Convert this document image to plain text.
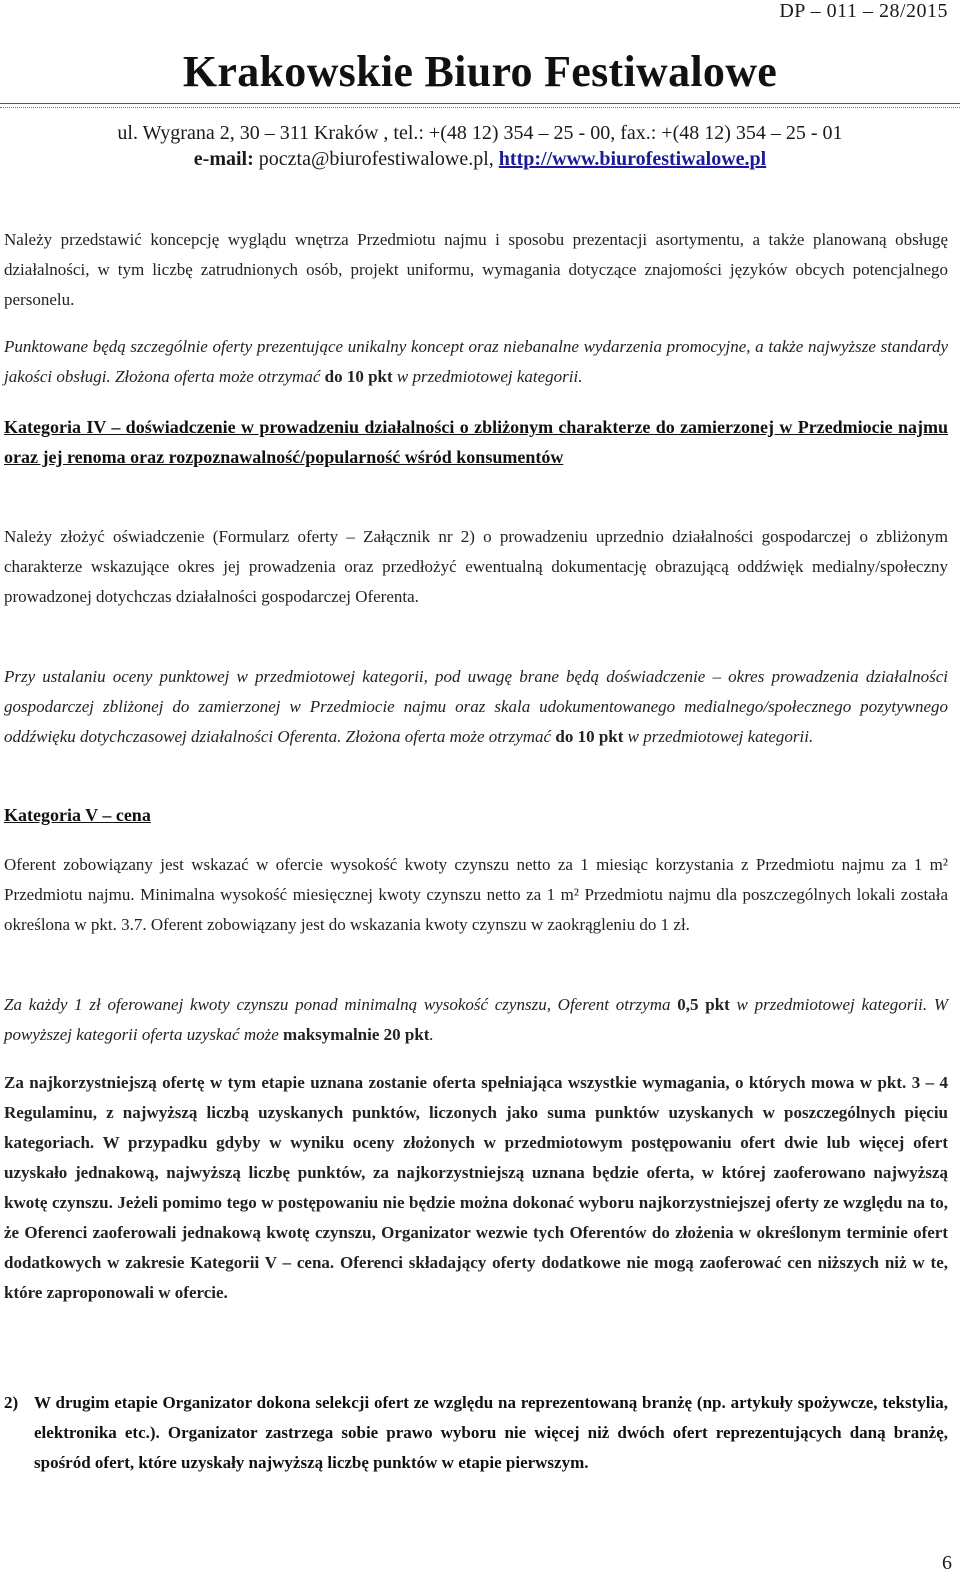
DP – 011 – 28/2015
Krakowskie Biuro Festiwalowe
ul. Wygrana 2, 30 – 311 Kraków , tel.: +(48 12) 354 – 25 - 00, fax.: +(48 12) 354 – 25 - 01
e-mail: poczta@biurofestiwalowe.pl, http://www.biurofestiwalowe.pl

Należy przedstawić koncepcję wyglądu wnętrza Przedmiotu najmu i sposobu prezentacji asortymentu, a także planowaną obsługę działalności, w tym liczbę zatrudnionych osób, projekt uniformu, wymagania dotyczące znajomości języków obcych potencjalnego personelu.

Punktowane będą szczególnie oferty prezentujące unikalny koncept oraz niebanalne wydarzenia promocyjne, a także najwyższe standardy jakości obsługi. Złożona oferta może otrzymać do 10 pkt w przedmiotowej kategorii.

Kategoria IV – doświadczenie w prowadzeniu działalności o zbliżonym charakterze do zamierzonej w Przedmiocie najmu oraz jej renoma oraz rozpoznawalność/popularność wśród konsumentów

Należy złożyć oświadczenie (Formularz oferty – Załącznik nr 2) o prowadzeniu uprzednio działalności gospodarczej o zbliżonym charakterze wskazujące okres jej prowadzenia oraz przedłożyć ewentualną dokumentację obrazującą oddźwięk medialny/społeczny prowadzonej dotychczas działalności gospodarczej Oferenta.

Przy ustalaniu oceny punktowej w przedmiotowej kategorii, pod uwagę brane będą doświadczenie – okres prowadzenia działalności gospodarczej zbliżonej do zamierzonej w Przedmiocie najmu oraz skala udokumentowanego medialnego/społecznego pozytywnego oddźwięku dotychczasowej działalności Oferenta. Złożona oferta może otrzymać do 10 pkt w przedmiotowej kategorii.

Kategoria V – cena

Oferent zobowiązany jest wskazać w ofercie wysokość kwoty czynszu netto za 1 miesiąc korzystania z Przedmiotu najmu za 1 m² Przedmiotu najmu. Minimalna wysokość miesięcznej kwoty czynszu netto za 1 m² Przedmiotu najmu dla poszczególnych lokali została określona w pkt. 3.7. Oferent zobowiązany jest do wskazania kwoty czynszu w zaokrągleniu do 1 zł.

Za każdy 1 zł oferowanej kwoty czynszu ponad minimalną wysokość czynszu, Oferent otrzyma 0,5 pkt w przedmiotowej kategorii. W powyższej kategorii oferta uzyskać może maksymalnie 20 pkt.

Za najkorzystniejszą ofertę w tym etapie uznana zostanie oferta spełniająca wszystkie wymagania, o których mowa w pkt. 3 – 4 Regulaminu, z najwyższą liczbą uzyskanych punktów, liczonych jako suma punktów uzyskanych w poszczególnych pięciu kategoriach. W przypadku gdyby w wyniku oceny złożonych w przedmiotowym postępowaniu ofert dwie lub więcej ofert uzyskało jednakową, najwyższą liczbę punktów, za najkorzystniejszą uznana będzie oferta, w której zaoferowano najwyższą kwotę czynszu. Jeżeli pomimo tego w postępowaniu nie będzie można dokonać wyboru najkorzystniejszej oferty ze względu na to, że Oferenci zaoferowali jednakową kwotę czynszu, Organizator wezwie tych Oferentów do złożenia w określonym terminie ofert dodatkowych w zakresie Kategorii V – cena. Oferenci składający oferty dodatkowe nie mogą zaoferować cen niższych niż w te, które zaproponowali w ofercie.

2) W drugim etapie Organizator dokona selekcji ofert ze względu na reprezentowaną branżę (np. artykuły spożywcze, tekstylia, elektronika etc.). Organizator zastrzega sobie prawo wyboru nie więcej niż dwóch ofert reprezentujących daną branżę, spośród ofert, które uzyskały najwyższą liczbę punktów w etapie pierwszym.
6
